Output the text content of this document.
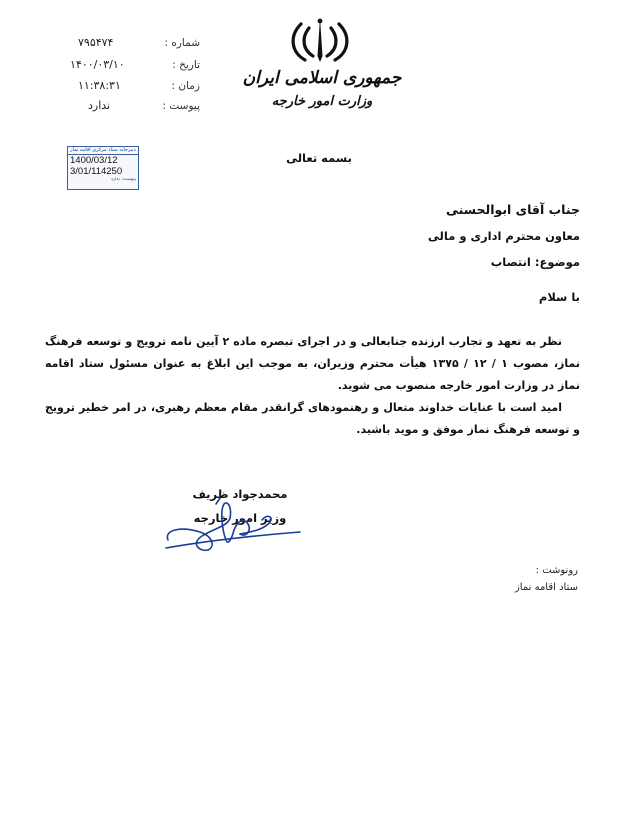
شماره :
۷۹۵۴۷۴
تاریخ :
۱۴۰۰/۰۳/۱۰
زمان :
۱۱:۳۸:۳۱
پیوست :
ندارد
جمهوری اسلامی ایران
وزارت امور خارجه
دبیرخانه ستاد مرکزی اقامه نماز
1400/03/12
3/01/114250
پیوست: ندارد
بسمه تعالی
جناب آقای ابوالحسنی
معاون محترم اداری و مالی
موضوع: انتصاب
با سلام

نظر به تعهد و تجارب ارزنده جنابعالی و در اجرای تبصره ماده ۲ آیین نامه ترویج و توسعه فرهنگ نماز، مصوب ۱ / ۱۲ / ۱۳۷۵ هیأت محترم وزیران، به موجب این ابلاغ به عنوان مسئول ستاد اقامه نماز در وزارت امور خارجه منصوب می شوید.

امید است با عنایات خداوند متعال و رهنمودهای گرانقدر مقام معظم رهبری، در امر خطیر ترویج و توسعه فرهنگ نماز موفق و موید باشید.

محمدجواد ظریف
وزیر امور خارجه
رونوشت :
ستاد اقامه نماز
